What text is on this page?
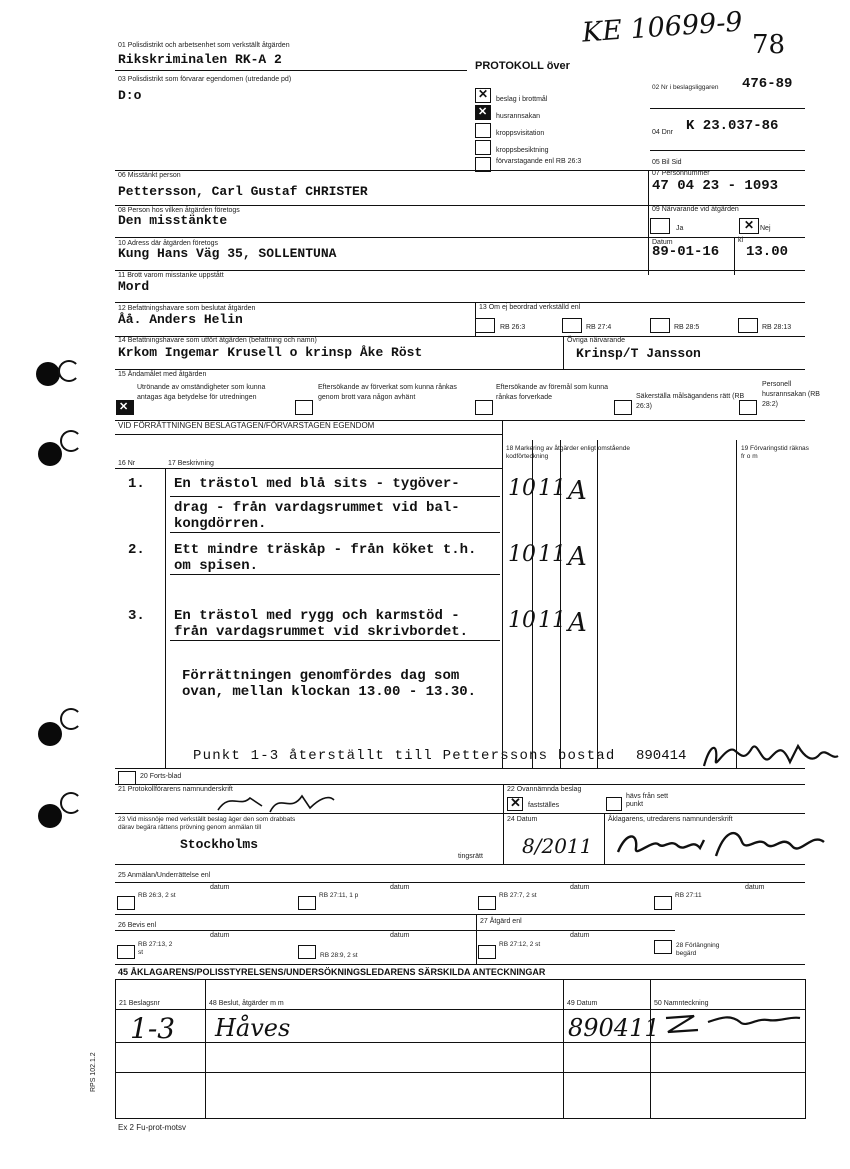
KE 10699-9 78
01 Polisdistrikt och arbetsenhet som verkställt åtgärden
Rikskriminalen RK-A 2
03 Polisdistrikt som förvarar egendomen (utredande pd)
D:o
PROTOKOLL över
✕
✕
beslag i brottmål
husrannsakan
kroppsvisitation
kroppsbesiktning
förvarstagande enl RB 26:3
02 Nr i beslagsliggaren 476-89
04 Dnr K 23.037-86
05 Bil Sid
06 Misstänkt person
Pettersson, Carl Gustaf CHRISTER
07 Personnummer
47 04 23 - 1093
08 Person hos vilken åtgärden företogs
Den misstänkte
09 Närvarande vid åtgärden
Ja	✕ Nej
10 Adress där åtgärden företogs
Kung Hans Väg 35, SOLLENTUNA
Datum
89-01-16
kl
13.00
11 Brott varom misstanke uppstått
Mord
12 Befattningshavare som beslutat åtgärden
Åå. Anders Helin
13 Om ej beordrad verkställd enl
RB 26:3	RB 27:4	RB 28:5	RB 28:13
14 Befattningshavare som utfört åtgärden (befattning och namn)
Krkom Ingemar Krusell o krinsp Åke Röst
Övriga närvarande
Krinsp/T Jansson
15 Ändamålet med åtgärden
✕
Utrönande av omständigheter som kunna antagas äga betydelse för utredningen
Eftersökande av förverkat som kunna rånkas genom brott vara någon avhänt
Eftersökande av föremål som kunna rånkas forverkade	Säkerställa målsägandens rätt (RB 26:3)
Personell husrannsakan (RB 28:2)
VID FÖRRÄTTNINGEN BESLAGTAGEN/FÖRVARSTAGEN EGENDOM
16 Nr	17 Beskrivning
18 Markering av åtgärder enligt omstående kodförteckning
19 Förvaringstid räknas fr o m
1. En trästol med blå sits - tygöver-
drag - från vardagsrummet vid bal-
kongdörren.
10 11 A
2. Ett mindre träskåp - från köket t.h.
om spisen.	10 11 A
3. En trästol med rygg och karmstöd -
från vardagsrummet vid skrivbordet. 10 11 A
Förrättningen genomfördes dag som
ovan, mellan klockan 13.00 - 13.30.
Punkt 1-3 återställt till Petterssons bostad 890414
20 Forts-blad
21 Protokollförarens namnunderskrift	22 Ovannämnda beslag
✕ fastställes
hävs från sett punkt
23 Vid missnöje med verkställt beslag äger den som drabbats därav begära rättens prövning genom anmälan till
Stockholms
tingsrätt
24 Datum
8/2011
Åklagarens, utredarens namnunderskrift
25 Anmälan/Underrättelse enl
RB 26:3, 2 st
datum
RB 27:11, 1 p
datum
RB 27:7, 2 st
datum
RB 27:11
datum
26 Bevis enl
27 Åtgärd enl
RB 27:13, 2 st
datum
RB 28:9, 2 st
datum
RB 27:12, 2 st
datum
28 Förlängning begärd
45 ÅKLAGARENS/POLISSTYRELSENS/UNDERSÖKNINGSLEDARENS SÄRSKILDA ANTECKNINGAR
21 Beslagsnr	48 Beslut, åtgärder m m	49 Datum	50 Namnteckning
1-3 Håves	890411
RPS 102.1.2
Ex 2 Fu-prot-motsv
